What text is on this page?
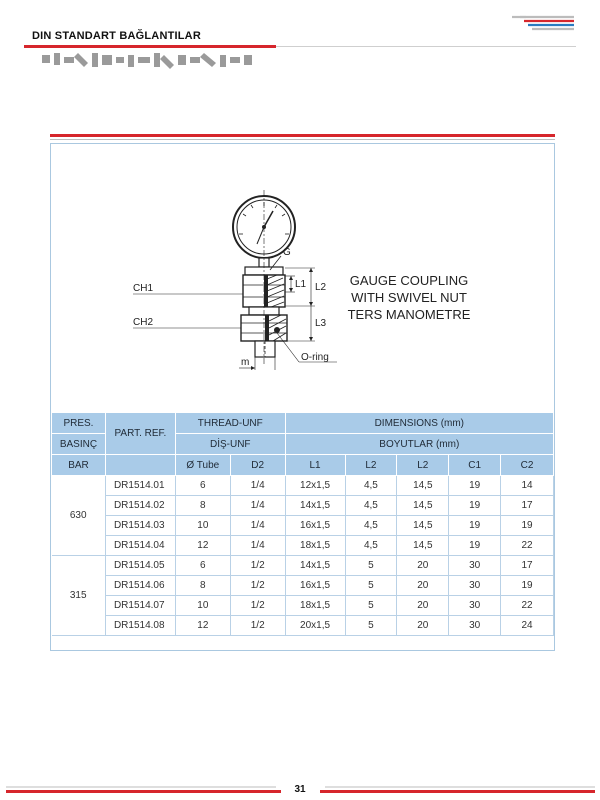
DIN STANDART BAĞLANTILAR
G
CH1
CH2
L1 L2
L3
m	O-ring
GAUGE COUPLING
WITH SWIVEL NUT
TERS MANOMETRE
PRES.	PART. REF.	THREAD-UNF		DIMENSIONS (mm)				
BASINÇ		DİŞ-UNF		BOYUTLAR (mm)				
BAR		Ø Tube	D2	L1	L2	L2	C1	C2
630	DR1514.01	6	1/4	12x1,5	4,5	14,5	19	14
	DR1514.02	8	1/4	14x1,5	4,5	14,5	19	17
	DR1514.03	10	1/4	16x1,5	4,5	14,5	19	19
	DR1514.04	12	1/4	18x1,5	4,5	14,5	19	22
315	DR1514.05	6	1/2	14x1,5	5	20	30	17
	DR1514.06	8	1/2	16x1,5	5	20	30	19
	DR1514.07	10	1/2	18x1,5	5	20	30	22
	DR1514.08	12	1/2	20x1,5	5	20	30	24
31
